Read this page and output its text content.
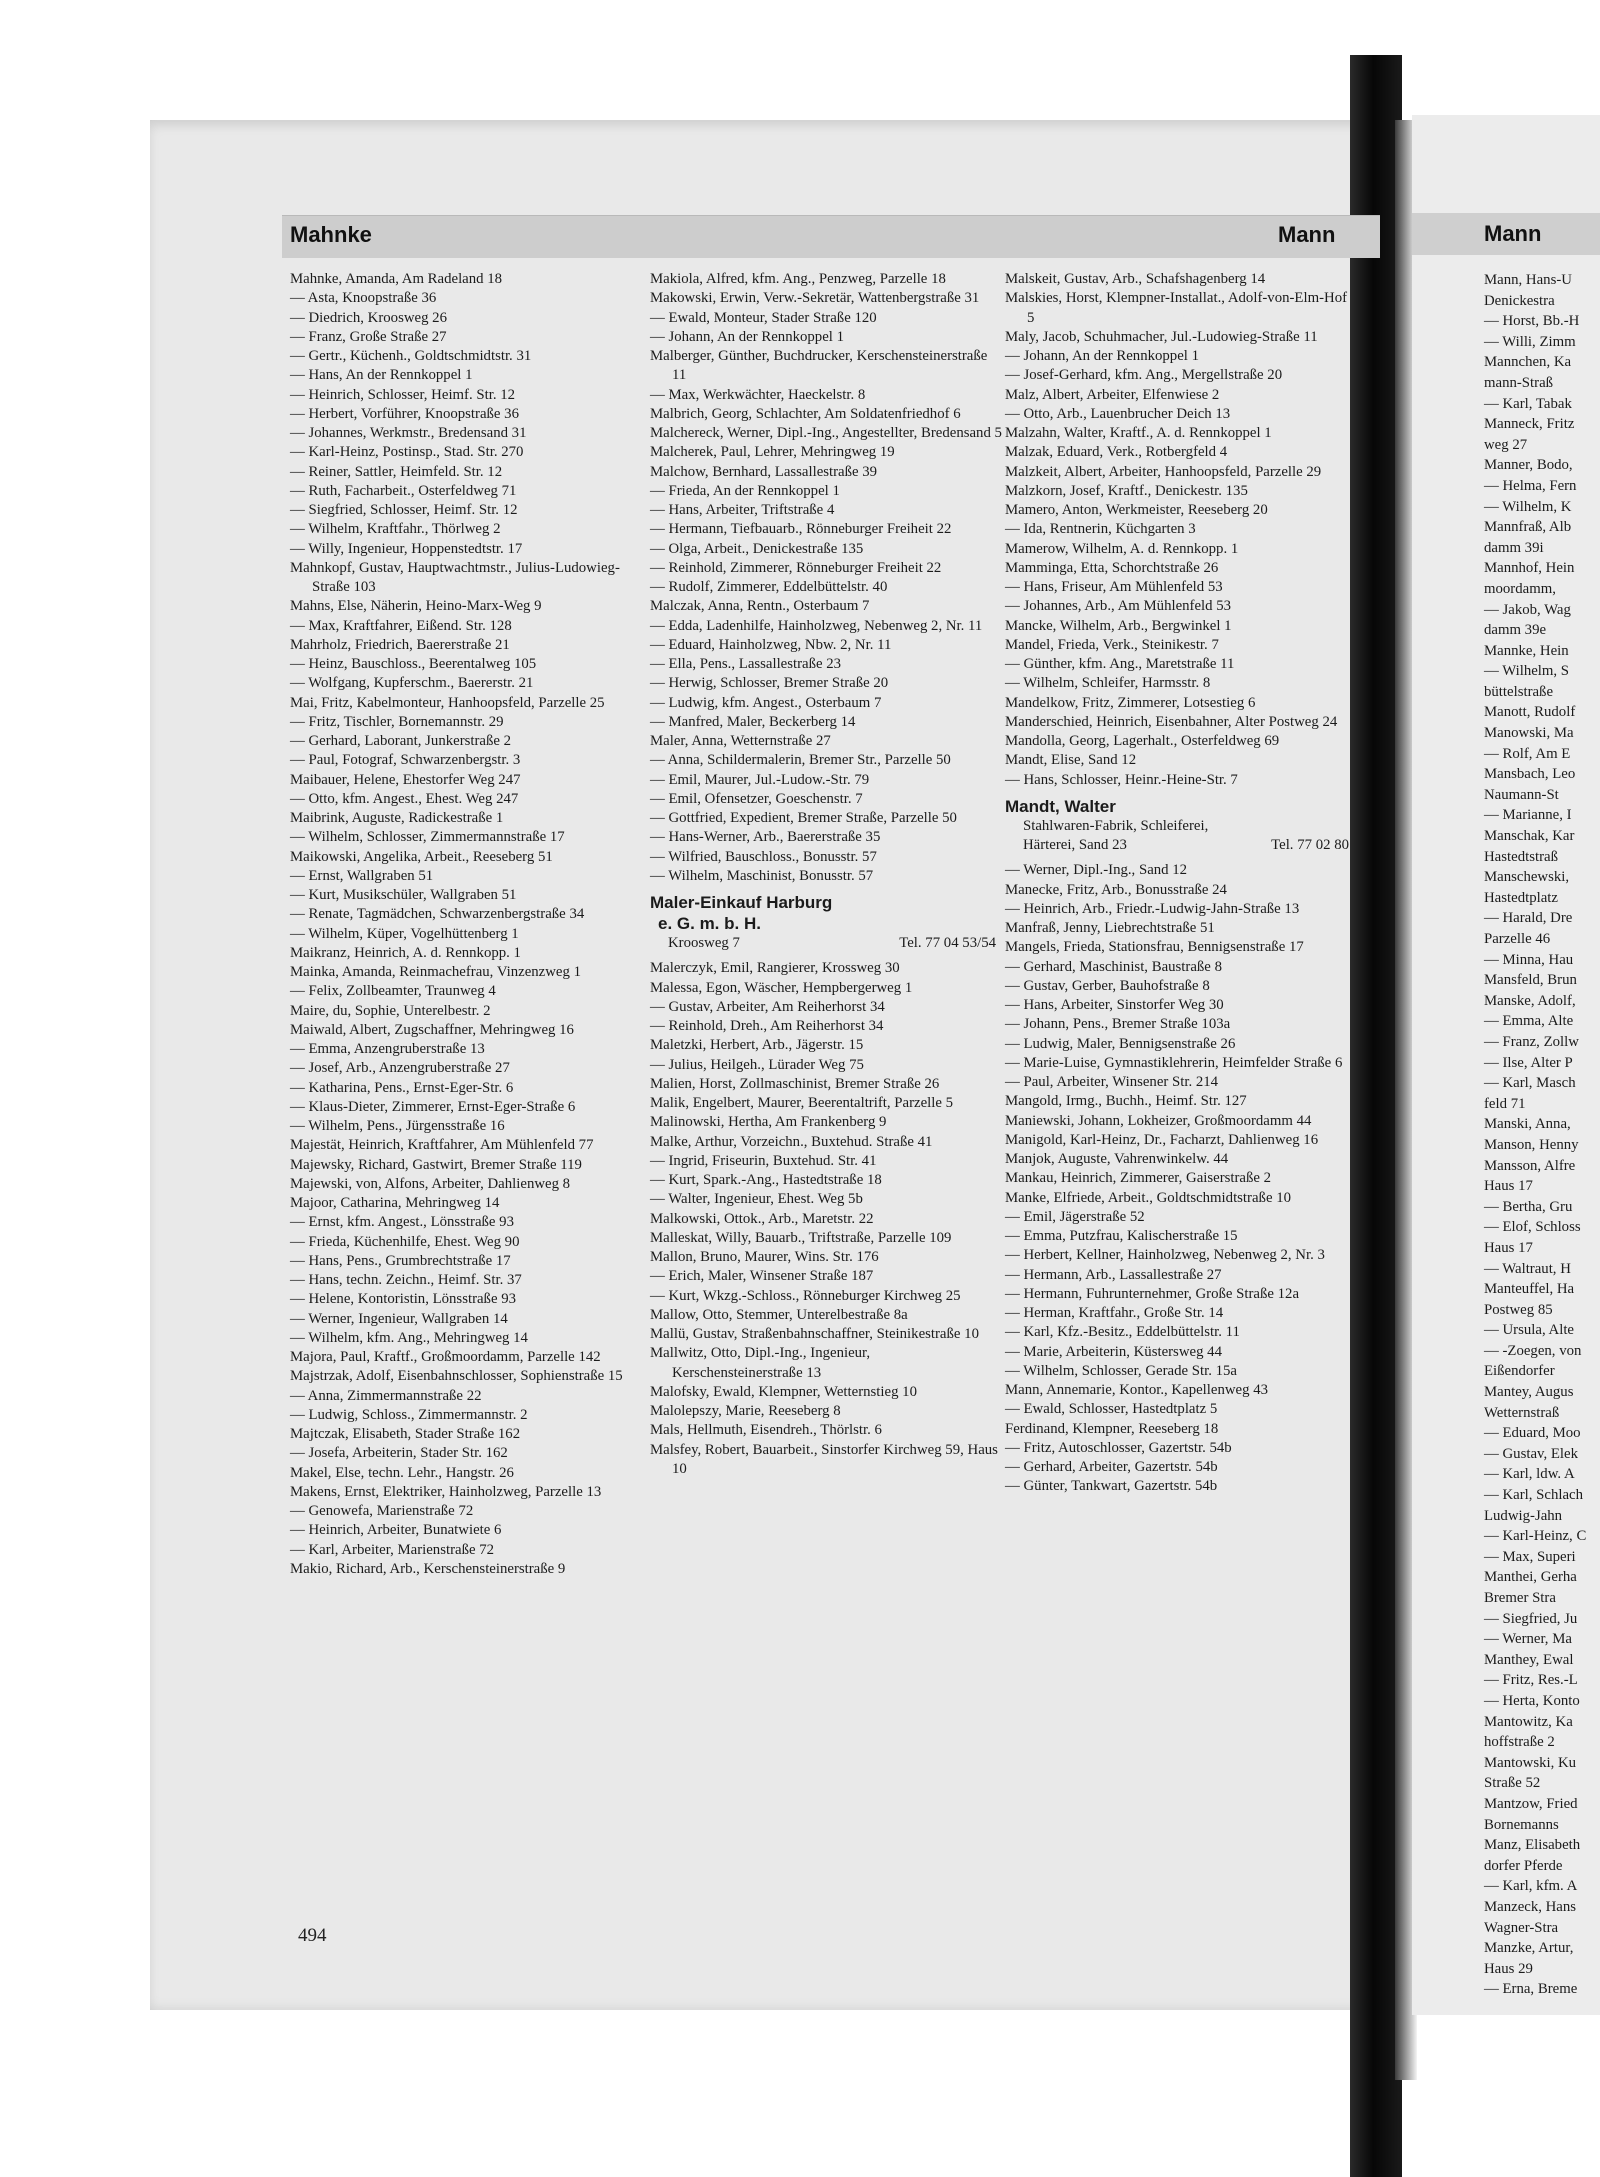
Mann
Mann, Hans-U
Denickestra
— Horst, Bb.-H
— Willi, Zimm
Mannchen, Ka
mann-Straß
— Karl, Tabak
Manneck, Fritz
weg 27
Manner, Bodo,
— Helma, Fern
— Wilhelm, K
Mannfraß, Alb
damm 39i
Mannhof, Hein
moordamm,
— Jakob, Wag
damm 39e
Mannke, Hein
— Wilhelm, S
büttelstraße
Manott, Rudolf
Manowski, Ma
— Rolf, Am E
Mansbach, Leo
Naumann-St
— Marianne, I
Manschak, Kar
Hastedtstraß
Manschewski,
Hastedtplatz
— Harald, Dre
Parzelle 46
— Minna, Hau
Mansfeld, Brun
Manske, Adolf,
— Emma, Alte
— Franz, Zollw
— Ilse, Alter P
— Karl, Masch
feld 71
Manski, Anna,
Manson, Henny
Mansson, Alfre
Haus 17
— Bertha, Gru
— Elof, Schloss
Haus 17
— Waltraut, H
Manteuffel, Ha
Postweg 85
— Ursula, Alte
— -Zoegen, von
Eißendorfer
Mantey, Augus
Wetternstraß
— Eduard, Moo
— Gustav, Elek
— Karl, ldw. A
— Karl, Schlach
Ludwig-Jahn
— Karl-Heinz, C
— Max, Superi
Manthei, Gerha
Bremer Stra
— Siegfried, Ju
— Werner, Ma
Manthey, Ewal
— Fritz, Res.-L
— Herta, Konto
Mantowitz, Ka
hoffstraße 2
Mantowski, Ku
Straße 52
Mantzow, Fried
Bornemanns
Manz, Elisabeth
dorfer Pferde
— Karl, kfm. A
Manzeck, Hans
Wagner-Stra
Manzke, Artur,
Haus 29
— Erna, Breme
Mahnke	Mann
Mahnke, Amanda, Am Radeland 18
— Asta, Knoopstraße 36
— Diedrich, Kroosweg 26
— Franz, Große Straße 27
— Gertr., Küchenh., Goldtschmidtstr. 31
— Hans, An der Rennkoppel 1
— Heinrich, Schlosser, Heimf. Str. 12
— Herbert, Vorführer, Knoopstraße 36
— Johannes, Werkmstr., Bredensand 31
— Karl-Heinz, Postinsp., Stad. Str. 270
— Reiner, Sattler, Heimfeld. Str. 12
— Ruth, Facharbeit., Osterfeldweg 71
— Siegfried, Schlosser, Heimf. Str. 12
— Wilhelm, Kraftfahr., Thörlweg 2
— Willy, Ingenieur, Hoppenstedtstr. 17
Mahnkopf, Gustav, Hauptwachtmstr., Julius-Ludowieg-Straße 103
Mahns, Else, Näherin, Heino-Marx-Weg 9
— Max, Kraftfahrer, Eißend. Str. 128
Mahrholz, Friedrich, Baererstraße 21
— Heinz, Bauschloss., Beerentalweg 105
— Wolfgang, Kupferschm., Baererstr. 21
Mai, Fritz, Kabelmonteur, Hanhoopsfeld, Parzelle 25
— Fritz, Tischler, Bornemannstr. 29
— Gerhard, Laborant, Junkerstraße 2
— Paul, Fotograf, Schwarzenbergstr. 3
Maibauer, Helene, Ehestorfer Weg 247
— Otto, kfm. Angest., Ehest. Weg 247
Maibrink, Auguste, Radickestraße 1
— Wilhelm, Schlosser, Zimmermannstraße 17
Maikowski, Angelika, Arbeit., Reeseberg 51
— Ernst, Wallgraben 51
— Kurt, Musikschüler, Wallgraben 51
— Renate, Tagmädchen, Schwarzenbergstraße 34
— Wilhelm, Küper, Vogelhüttenberg 1
Maikranz, Heinrich, A. d. Rennkopp. 1
Mainka, Amanda, Reinmachefrau, Vinzenzweg 1
— Felix, Zollbeamter, Traunweg 4
Maire, du, Sophie, Unterelbestr. 2
Maiwald, Albert, Zugschaffner, Mehringweg 16
— Emma, Anzengruberstraße 13
— Josef, Arb., Anzengruberstraße 27
— Katharina, Pens., Ernst-Eger-Str. 6
— Klaus-Dieter, Zimmerer, Ernst-Eger-Straße 6
— Wilhelm, Pens., Jürgensstraße 16
Majestät, Heinrich, Kraftfahrer, Am Mühlenfeld 77
Majewsky, Richard, Gastwirt, Bremer Straße 119
Majewski, von, Alfons, Arbeiter, Dahlienweg 8
Majoor, Catharina, Mehringweg 14
— Ernst, kfm. Angest., Lönsstraße 93
— Frieda, Küchenhilfe, Ehest. Weg 90
— Hans, Pens., Grumbrechtstraße 17
— Hans, techn. Zeichn., Heimf. Str. 37
— Helene, Kontoristin, Lönsstraße 93
— Werner, Ingenieur, Wallgraben 14
— Wilhelm, kfm. Ang., Mehringweg 14
Majora, Paul, Kraftf., Großmoordamm, Parzelle 142
Majstrzak, Adolf, Eisenbahnschlosser, Sophienstraße 15
— Anna, Zimmermannstraße 22
— Ludwig, Schloss., Zimmermannstr. 2
Majtczak, Elisabeth, Stader Straße 162
— Josefa, Arbeiterin, Stader Str. 162
Makel, Else, techn. Lehr., Hangstr. 26
Makens, Ernst, Elektriker, Hainholzweg, Parzelle 13
— Genowefa, Marienstraße 72
— Heinrich, Arbeiter, Bunatwiete 6
— Karl, Arbeiter, Marienstraße 72
Makio, Richard, Arb., Kerschensteinerstraße 9
Makiola, Alfred, kfm. Ang., Penzweg, Parzelle 18
Makowski, Erwin, Verw.-Sekretär, Wattenbergstraße 31
— Ewald, Monteur, Stader Straße 120
— Johann, An der Rennkoppel 1
Malberger, Günther, Buchdrucker, Kerschensteinerstraße 11
— Max, Werkwächter, Haeckelstr. 8
Malbrich, Georg, Schlachter, Am Soldatenfriedhof 6
Malchereck, Werner, Dipl.-Ing., Angestellter, Bredensand 5
Malcherek, Paul, Lehrer, Mehringweg 19
Malchow, Bernhard, Lassallestraße 39
— Frieda, An der Rennkoppel 1
— Hans, Arbeiter, Triftstraße 4
— Hermann, Tiefbauarb., Rönneburger Freiheit 22
— Olga, Arbeit., Denickestraße 135
— Reinhold, Zimmerer, Rönneburger Freiheit 22
— Rudolf, Zimmerer, Eddelbüttelstr. 40
Malczak, Anna, Rentn., Osterbaum 7
— Edda, Ladenhilfe, Hainholzweg, Nebenweg 2, Nr. 11
— Eduard, Hainholzweg, Nbw. 2, Nr. 11
— Ella, Pens., Lassallestraße 23
— Herwig, Schlosser, Bremer Straße 20
— Ludwig, kfm. Angest., Osterbaum 7
— Manfred, Maler, Beckerberg 14
Maler, Anna, Wetternstraße 27
— Anna, Schildermalerin, Bremer Str., Parzelle 50
— Emil, Maurer, Jul.-Ludow.-Str. 79
— Emil, Ofensetzer, Goeschenstr. 7
— Gottfried, Expedient, Bremer Straße, Parzelle 50
— Hans-Werner, Arb., Baererstraße 35
— Wilfried, Bauschloss., Bonusstr. 57
— Wilhelm, Maschinist, Bonusstr. 57
Maler-Einkauf Harburg
e. G. m. b. H.
Kroosweg 7	Tel. 77 04 53/54
Malerczyk, Emil, Rangierer, Krossweg 30
Malessa, Egon, Wäscher, Hempbergerweg 1
— Gustav, Arbeiter, Am Reiherhorst 34
— Reinhold, Dreh., Am Reiherhorst 34
Maletzki, Herbert, Arb., Jägerstr. 15
— Julius, Heilgeh., Lürader Weg 75
Malien, Horst, Zollmaschinist, Bremer Straße 26
Malik, Engelbert, Maurer, Beerentaltrift, Parzelle 5
Malinowski, Hertha, Am Frankenberg 9
Malke, Arthur, Vorzeichn., Buxtehud. Straße 41
— Ingrid, Friseurin, Buxtehud. Str. 41
— Kurt, Spark.-Ang., Hastedtstraße 18
— Walter, Ingenieur, Ehest. Weg 5b
Malkowski, Ottok., Arb., Maretstr. 22
Malleskat, Willy, Bauarb., Triftstraße, Parzelle 109
Mallon, Bruno, Maurer, Wins. Str. 176
— Erich, Maler, Winsener Straße 187
— Kurt, Wkzg.-Schloss., Rönneburger Kirchweg 25
Mallow, Otto, Stemmer, Unterelbestraße 8a
Mallü, Gustav, Straßenbahnschaffner, Steinikestraße 10
Mallwitz, Otto, Dipl.-Ing., Ingenieur, Kerschensteinerstraße 13
Malofsky, Ewald, Klempner, Wetternstieg 10
Malolepszy, Marie, Reeseberg 8
Mals, Hellmuth, Eisendreh., Thörlstr. 6
Malsfey, Robert, Bauarbeit., Sinstorfer Kirchweg 59, Haus 10
Malskeit, Gustav, Arb., Schafshagenberg 14
Malskies, Horst, Klempner-Installat., Adolf-von-Elm-Hof 5
Maly, Jacob, Schuhmacher, Jul.-Ludowieg-Straße 11
— Johann, An der Rennkoppel 1
— Josef-Gerhard, kfm. Ang., Mergellstraße 20
Malz, Albert, Arbeiter, Elfenwiese 2
— Otto, Arb., Lauenbrucher Deich 13
Malzahn, Walter, Kraftf., A. d. Rennkoppel 1
Malzak, Eduard, Verk., Rotbergfeld 4
Malzkeit, Albert, Arbeiter, Hanhoopsfeld, Parzelle 29
Malzkorn, Josef, Kraftf., Denickestr. 135
Mamero, Anton, Werkmeister, Reeseberg 20
— Ida, Rentnerin, Küchgarten 3
Mamerow, Wilhelm, A. d. Rennkopp. 1
Mamminga, Etta, Schorchtstraße 26
— Hans, Friseur, Am Mühlenfeld 53
— Johannes, Arb., Am Mühlenfeld 53
Mancke, Wilhelm, Arb., Bergwinkel 1
Mandel, Frieda, Verk., Steinikestr. 7
— Günther, kfm. Ang., Maretstraße 11
— Wilhelm, Schleifer, Harmsstr. 8
Mandelkow, Fritz, Zimmerer, Lotsestieg 6
Manderschied, Heinrich, Eisenbahner, Alter Postweg 24
Mandolla, Georg, Lagerhalt., Osterfeldweg 69
Mandt, Elise, Sand 12
— Hans, Schlosser, Heinr.-Heine-Str. 7
Mandt, Walter
Stahlwaren-Fabrik, Schleiferei,
Härterei, Sand 23	Tel. 77 02 80
— Werner, Dipl.-Ing., Sand 12
Manecke, Fritz, Arb., Bonusstraße 24
— Heinrich, Arb., Friedr.-Ludwig-Jahn-Straße 13
Manfraß, Jenny, Liebrechtstraße 51
Mangels, Frieda, Stationsfrau, Bennigsenstraße 17
— Gerhard, Maschinist, Baustraße 8
— Gustav, Gerber, Bauhofstraße 8
— Hans, Arbeiter, Sinstorfer Weg 30
— Johann, Pens., Bremer Straße 103a
— Ludwig, Maler, Bennigsenstraße 26
— Marie-Luise, Gymnastiklehrerin, Heimfelder Straße 6
— Paul, Arbeiter, Winsener Str. 214
Mangold, Irmg., Buchh., Heimf. Str. 127
Maniewski, Johann, Lokheizer, Großmoordamm 44
Manigold, Karl-Heinz, Dr., Facharzt, Dahlienweg 16
Manjok, Auguste, Vahrenwinkelw. 44
Mankau, Heinrich, Zimmerer, Gaiserstraße 2
Manke, Elfriede, Arbeit., Goldtschmidtstraße 10
— Emil, Jägerstraße 52
— Emma, Putzfrau, Kalischerstraße 15
— Herbert, Kellner, Hainholzweg, Nebenweg 2, Nr. 3
— Hermann, Arb., Lassallestraße 27
— Hermann, Fuhrunternehmer, Große Straße 12a
— Herman, Kraftfahr., Große Str. 14
— Karl, Kfz.-Besitz., Eddelbüttelstr. 11
— Marie, Arbeiterin, Küstersweg 44
— Wilhelm, Schlosser, Gerade Str. 15a
Mann, Annemarie, Kontor., Kapellenweg 43
— Ewald, Schlosser, Hastedtplatz 5
Ferdinand, Klempner, Reeseberg 18
— Fritz, Autoschlosser, Gazertstr. 54b
— Gerhard, Arbeiter, Gazertstr. 54b
— Günter, Tankwart, Gazertstr. 54b
494
